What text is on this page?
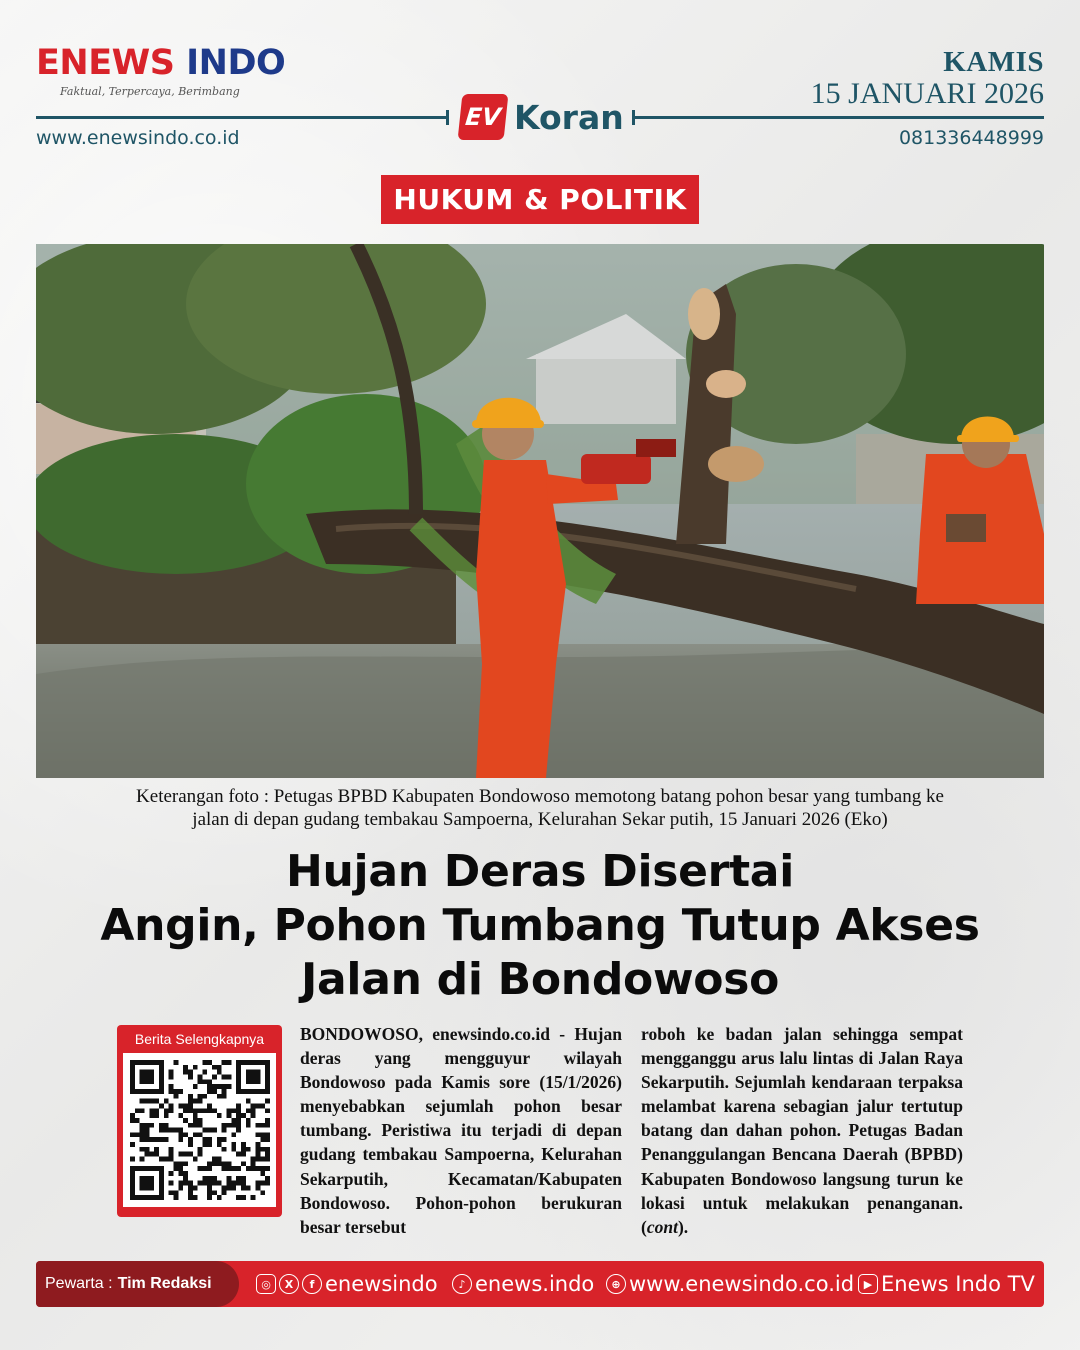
ENEWS INDO
Faktual, Terpercaya, Berimbang
KAMIS
15 JANUARI 2026
EV Koran
www.enewsindo.co.id	081336448999
HUKUM & POLITIK
Keterangan foto : Petugas BPBD Kabupaten Bondowoso memotong batang pohon besar yang tumbang ke
jalan di depan gudang tembakau Sampoerna, Kelurahan Sekar putih, 15 Januari 2026 (Eko)
Hujan Deras Disertai
Angin, Pohon Tumbang Tutup Akses
Jalan di Bondowoso
Berita Selengkapnya	BONDOWOSO, enewsindo.co.id - Hujan deras yang mengguyur wilayah Bondowoso pada Kamis sore (15/1/2026) menyebabkan sejumlah pohon besar tumbang. Peristiwa itu terjadi di depan gudang tembakau Sampoerna, Kelurahan Sekarputih, Kecamatan/Kabupaten Bondowoso. Pohon-pohon berukuran besar tersebut
roboh ke badan jalan sehingga sempat mengganggu arus lalu lintas di Jalan Raya Sekarputih. Sejumlah kendaraan terpaksa melambat karena sebagian jalur tertutup batang dan dahan pohon. Petugas Badan Penanggulangan Bencana Daerah (BPBD) Kabupaten Bondowoso langsung turun ke lokasi untuk melakukan penanganan. (cont).
Pewarta : Tim Redaksi	◎	X	f enewsindo	♪ enews.indo	⊕ www.enewsindo.co.id ▶ Enews Indo TV
